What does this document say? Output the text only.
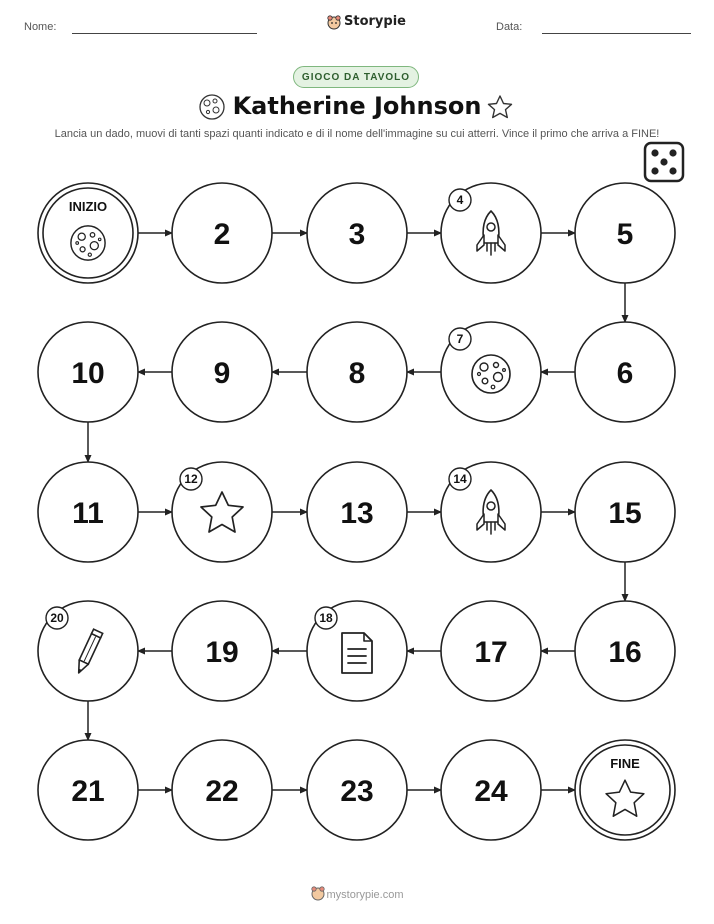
Nome:	Storypie	Data:
GIOCO DA TAVOLO
Katherine Johnson
Lancia un dado, muovi di tanti spazi quanti indicato e di il nome dell'immagine su cui atterri. Vince il primo che arriva a FINE!
INIZIO
2	3
4
5
6
7
8
9
10
11
12
13
14
15
16
17
18
19
20
21	22	23	24
FINE
mystorypie.com
